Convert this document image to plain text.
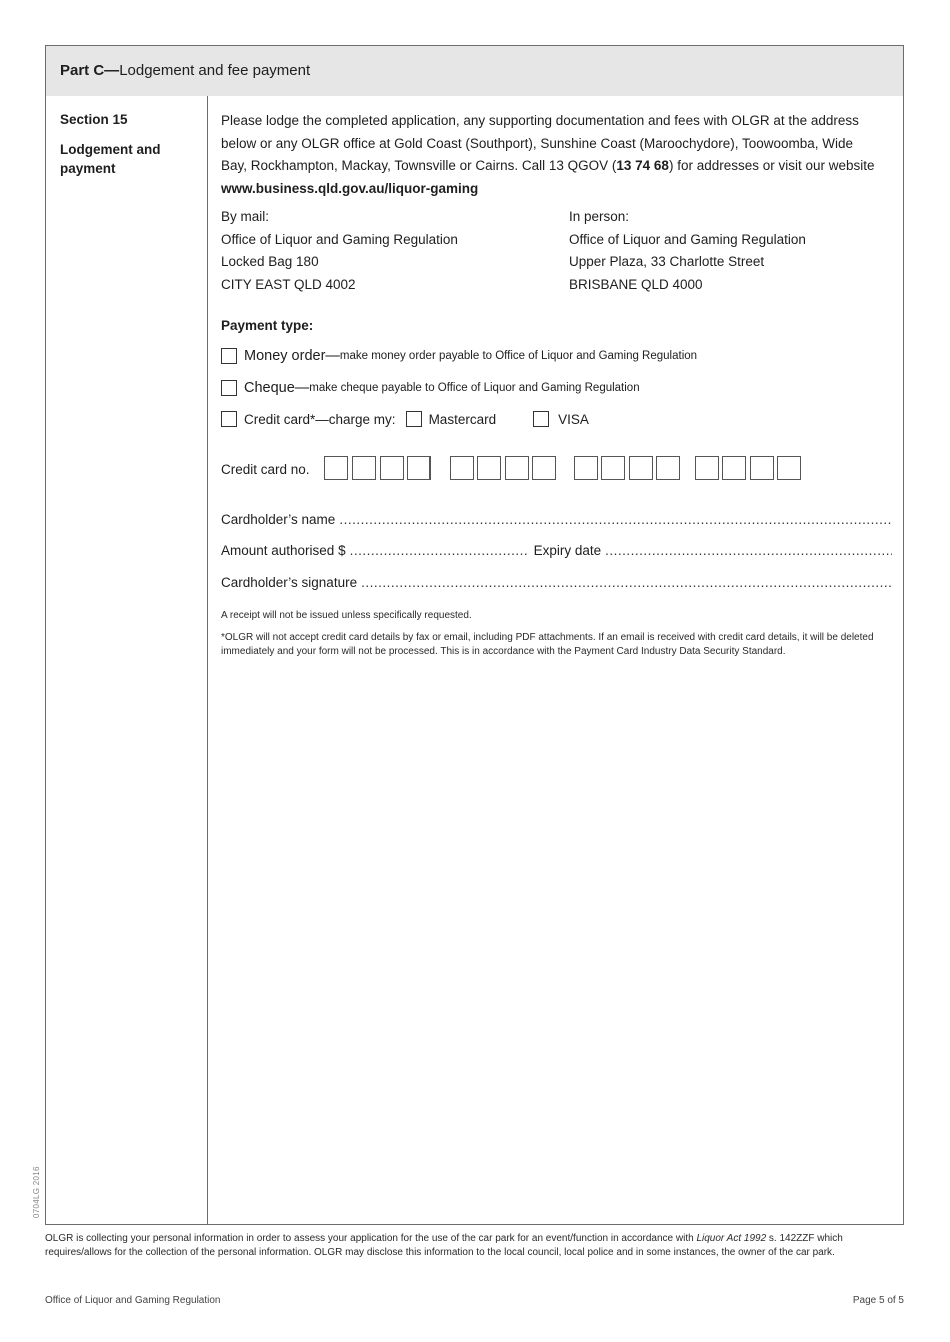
Part C—Lodgement and fee payment
Section 15
Lodgement and payment
Please lodge the completed application, any supporting documentation and fees with OLGR at the address below or any OLGR office at Gold Coast (Southport), Sunshine Coast (Maroochydore), Toowoomba, Wide Bay, Rockhampton, Mackay, Townsville or Cairns. Call 13 QGOV (13 74 68) for addresses or visit our website www.business.qld.gov.au/liquor-gaming
By mail:
Office of Liquor and Gaming Regulation
Locked Bag 180
CITY EAST QLD 4002
In person:
Office of Liquor and Gaming Regulation
Upper Plaza, 33 Charlotte Street
BRISBANE QLD 4000
Payment type:
Money order— make money order payable to Office of Liquor and Gaming Regulation
Cheque— make cheque payable to Office of Liquor and Gaming Regulation
Credit card*—charge my: Mastercard	VISA
Credit card no.
Cardholder’s name
.....
Amount authorised $
.....	Expiry date
.....
Cardholder’s signature
.....
A receipt will not be issued unless specifically requested.
*OLGR will not accept credit card details by fax or email, including PDF attachments. If an email is received with credit card details, it will be deleted immediately and your form will not be processed. This is in accordance with the Payment Card Industry Data Security Standard.
0704LG 2016
OLGR is collecting your personal information in order to assess your application for the use of the car park for an event/function in accordance with Liquor Act 1992 s. 142ZZF which requires/allows for the collection of the personal information. OLGR may disclose this information to the local council, local police and in some instances, the owner of the car park.
Office of Liquor and Gaming Regulation	Page 5 of 5
